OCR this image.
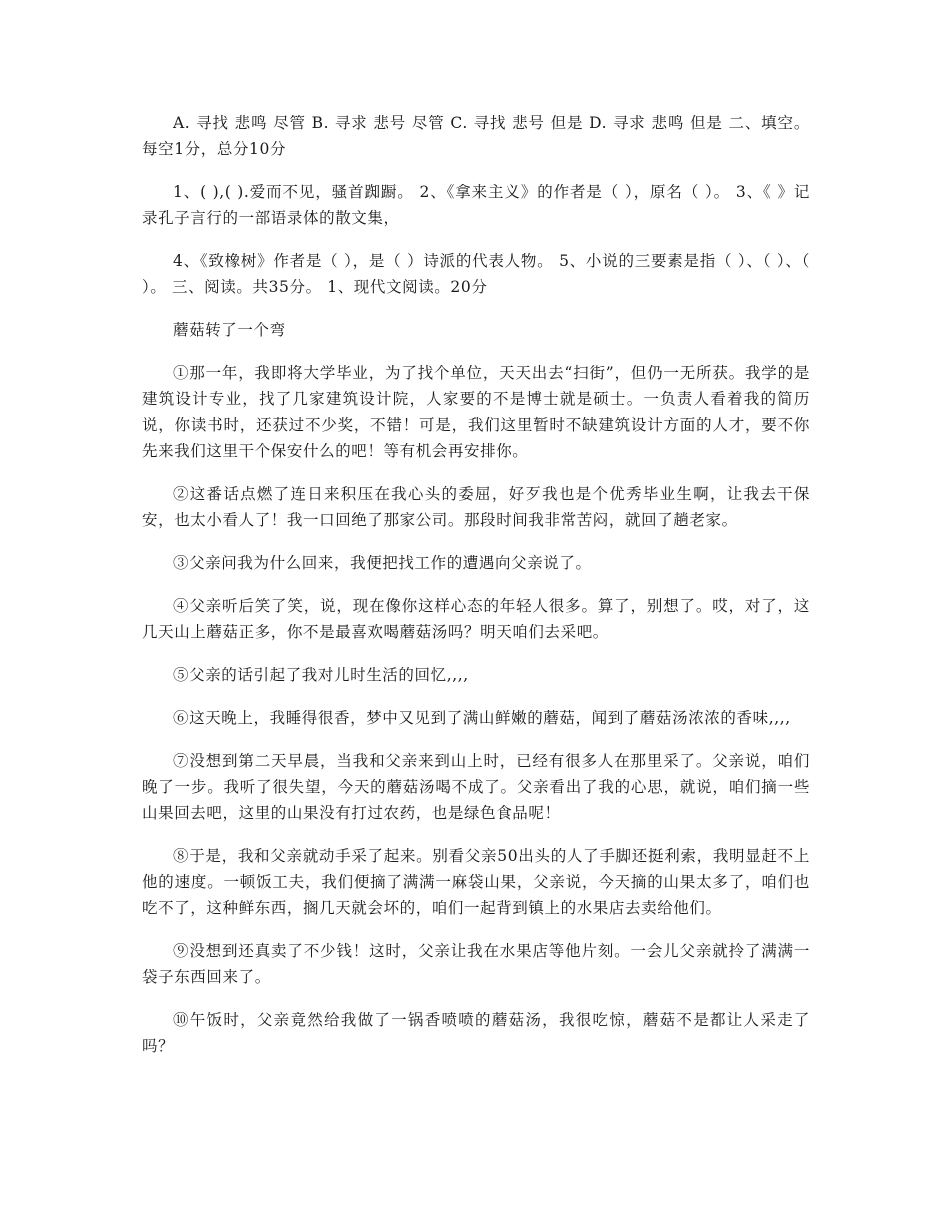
A. 寻找 悲鸣 尽管 B. 寻求 悲号 尽管 C. 寻找 悲号 但是 D. 寻求 悲鸣 但是 二、填空。每空1分，总分10分

1、( ),( ).爱而不见，骚首踟蹰。 2、《拿来主义》的作者是（ ），原名（ ）。 3、《 》记录孔子言行的一部语录体的散文集，

4、《致橡树》作者是（ ），是（ ）诗派的代表人物。 5、小说的三要素是指（ ）、（ ）、（ ）。 三、阅读。共35分。 1、现代文阅读。20分

蘑菇转了一个弯

①那一年，我即将大学毕业，为了找个单位，天天出去“扫街”，但仍一无所获。我学的是建筑设计专业，找了几家建筑设计院，人家要的不是博士就是硕士。一负责人看着我的简历说，你读书时，还获过不少奖，不错！可是，我们这里暂时不缺建筑设计方面的人才，要不你先来我们这里干个保安什么的吧！等有机会再安排你。

②这番话点燃了连日来积压在我心头的委屈，好歹我也是个优秀毕业生啊，让我去干保安，也太小看人了！我一口回绝了那家公司。那段时间我非常苦闷，就回了趟老家。

③父亲问我为什么回来，我便把找工作的遭遇向父亲说了。

④父亲听后笑了笑，说，现在像你这样心态的年轻人很多。算了，别想了。哎，对了，这几天山上蘑菇正多，你不是最喜欢喝蘑菇汤吗？明天咱们去采吧。

⑤父亲的话引起了我对儿时生活的回忆,,,,

⑥这天晚上，我睡得很香，梦中又见到了满山鲜嫩的蘑菇，闻到了蘑菇汤浓浓的香味,,,,

⑦没想到第二天早晨，当我和父亲来到山上时，已经有很多人在那里采了。父亲说，咱们晚了一步。我听了很失望，今天的蘑菇汤喝不成了。父亲看出了我的心思，就说，咱们摘一些山果回去吧，这里的山果没有打过农药，也是绿色食品呢！

⑧于是，我和父亲就动手采了起来。别看父亲50出头的人了手脚还挺利索，我明显赶不上他的速度。一顿饭工夫，我们便摘了满满一麻袋山果，父亲说，今天摘的山果太多了，咱们也吃不了，这种鲜东西，搁几天就会坏的，咱们一起背到镇上的水果店去卖给他们。

⑨没想到还真卖了不少钱！这时，父亲让我在水果店等他片刻。一会儿父亲就拎了满满一袋子东西回来了。

⑩午饭时，父亲竟然给我做了一锅香喷喷的蘑菇汤，我很吃惊，蘑菇不是都让人采走了吗？
